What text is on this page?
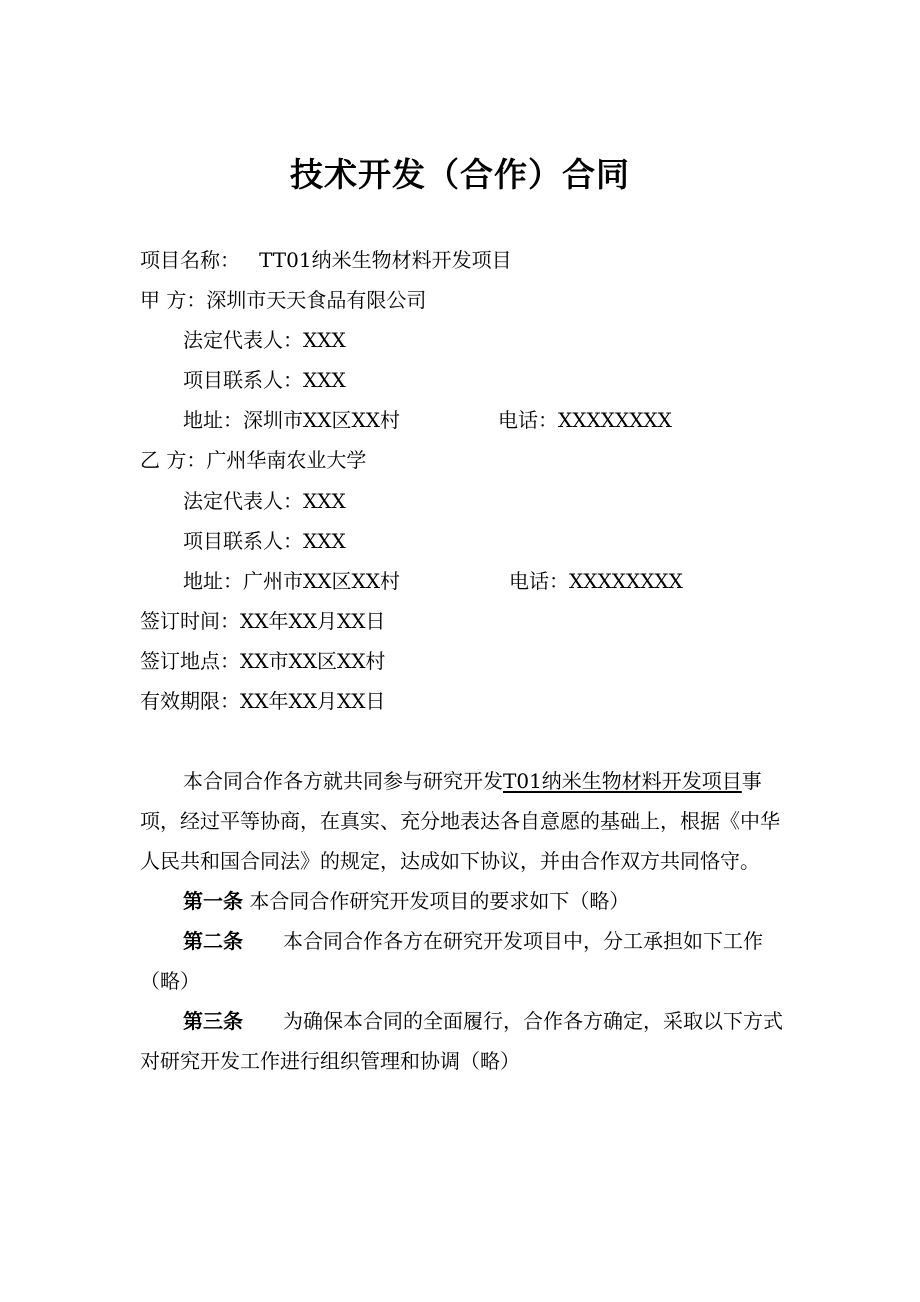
技术开发（合作）合同
项目名称： TT01纳米生物材料开发项目
甲 方：深圳市天天食品有限公司
法定代表人：XXX
项目联系人：XXX
地址：深圳市XX区XX村	电话：XXXXXXXX
乙 方：广州华南农业大学
法定代表人：XXX
项目联系人：XXX
地址：广州市XX区XX村	电话：XXXXXXXX
签订时间：XX年XX月XX日
签订地点：XX市XX区XX村
有效期限：XX年XX月XX日

本合同合作各方就共同参与研究开发T01纳米生物材料开发项目事项，经过平等协商，在真实、充分地表达各自意愿的基础上，根据《中华人民共和国合同法》的规定，达成如下协议，并由合作双方共同恪守。

第一条 本合同合作研究开发项目的要求如下（略）

第二条　　本合同合作各方在研究开发项目中，分工承担如下工作（略）

第三条　　为确保本合同的全面履行，合作各方确定，采取以下方式对研究开发工作进行组织管理和协调（略）
